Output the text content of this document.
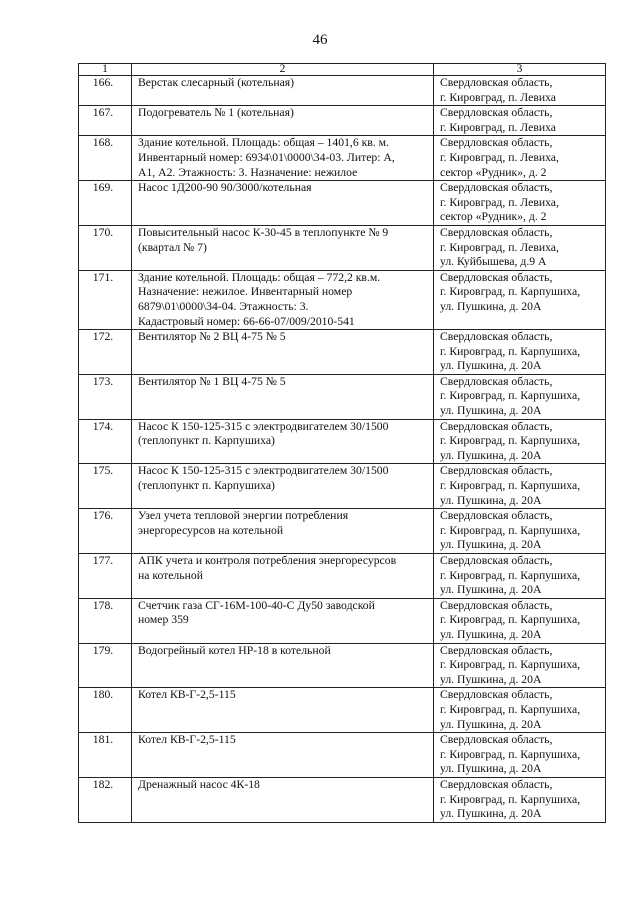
46
1	2	3
166.	Верстак слесарный (котельная)	Свердловская область,
г. Кировград, п. Левиха

167.	Подогреватель № 1 (котельная)	Свердловская область,
г. Кировград, п. Левиха

168.	Здание котельной. Площадь: общая – 1401,6 кв. м.
Инвентарный номер: 6934\01\0000\34-03. Литер: А,
А1, А2. Этажность: 3. Назначение: нежилое	Свердловская область,
г. Кировград, п. Левиха,
сектор «Рудник», д. 2

169.	Насос 1Д200-90 90/3000/котельная	Свердловская область,
г. Кировград, п. Левиха,
сектор «Рудник», д. 2

170.	Повысительный насос К-30-45 в теплопункте № 9
(квартал № 7)	Свердловская область,
г. Кировград, п. Левиха,
ул. Куйбышева, д.9 А

171.	Здание котельной. Площадь: общая – 772,2 кв.м.
Назначение: нежилое. Инвентарный номер
6879\01\0000\34-04. Этажность: 3.
Кадастровый номер: 66-66-07/009/2010-541	Свердловская область,
г. Кировград, п. Карпушиха,
ул. Пушкина, д. 20А

172.	Вентилятор № 2 ВЦ 4-75 № 5	Свердловская область,
г. Кировград, п. Карпушиха,
ул. Пушкина, д. 20А

173.	Вентилятор № 1 ВЦ 4-75 № 5	Свердловская область,
г. Кировград, п. Карпушиха,
ул. Пушкина, д. 20А

174.	Насос К 150-125-315 с электродвигателем 30/1500
(теплопункт п. Карпушиха)	Свердловская область,
г. Кировград, п. Карпушиха,
ул. Пушкина, д. 20А

175.	Насос К 150-125-315 с электродвигателем 30/1500
(теплопункт п. Карпушиха)	Свердловская область,
г. Кировград, п. Карпушиха,
ул. Пушкина, д. 20А

176.	Узел учета тепловой энергии потребления
энергоресурсов на котельной	Свердловская область,
г. Кировград, п. Карпушиха,
ул. Пушкина, д. 20А

177.	АПК учета и контроля потребления энергоресурсов
на котельной	Свердловская область,
г. Кировград, п. Карпушиха,
ул. Пушкина, д. 20А

178.	Счетчик газа СГ-16М-100-40-С Ду50 заводской
номер 359	Свердловская область,
г. Кировград, п. Карпушиха,
ул. Пушкина, д. 20А

179.	Водогрейный котел НР-18 в котельной	Свердловская область,
г. Кировград, п. Карпушиха,
ул. Пушкина, д. 20А

180.	Котел КВ-Г-2,5-115	Свердловская область,
г. Кировград, п. Карпушиха,
ул. Пушкина, д. 20А

181.	Котел КВ-Г-2,5-115	Свердловская область,
г. Кировград, п. Карпушиха,
ул. Пушкина, д. 20А

182.	Дренажный насос 4К-18	Свердловская область,
г. Кировград, п. Карпушиха,
ул. Пушкина, д. 20А
